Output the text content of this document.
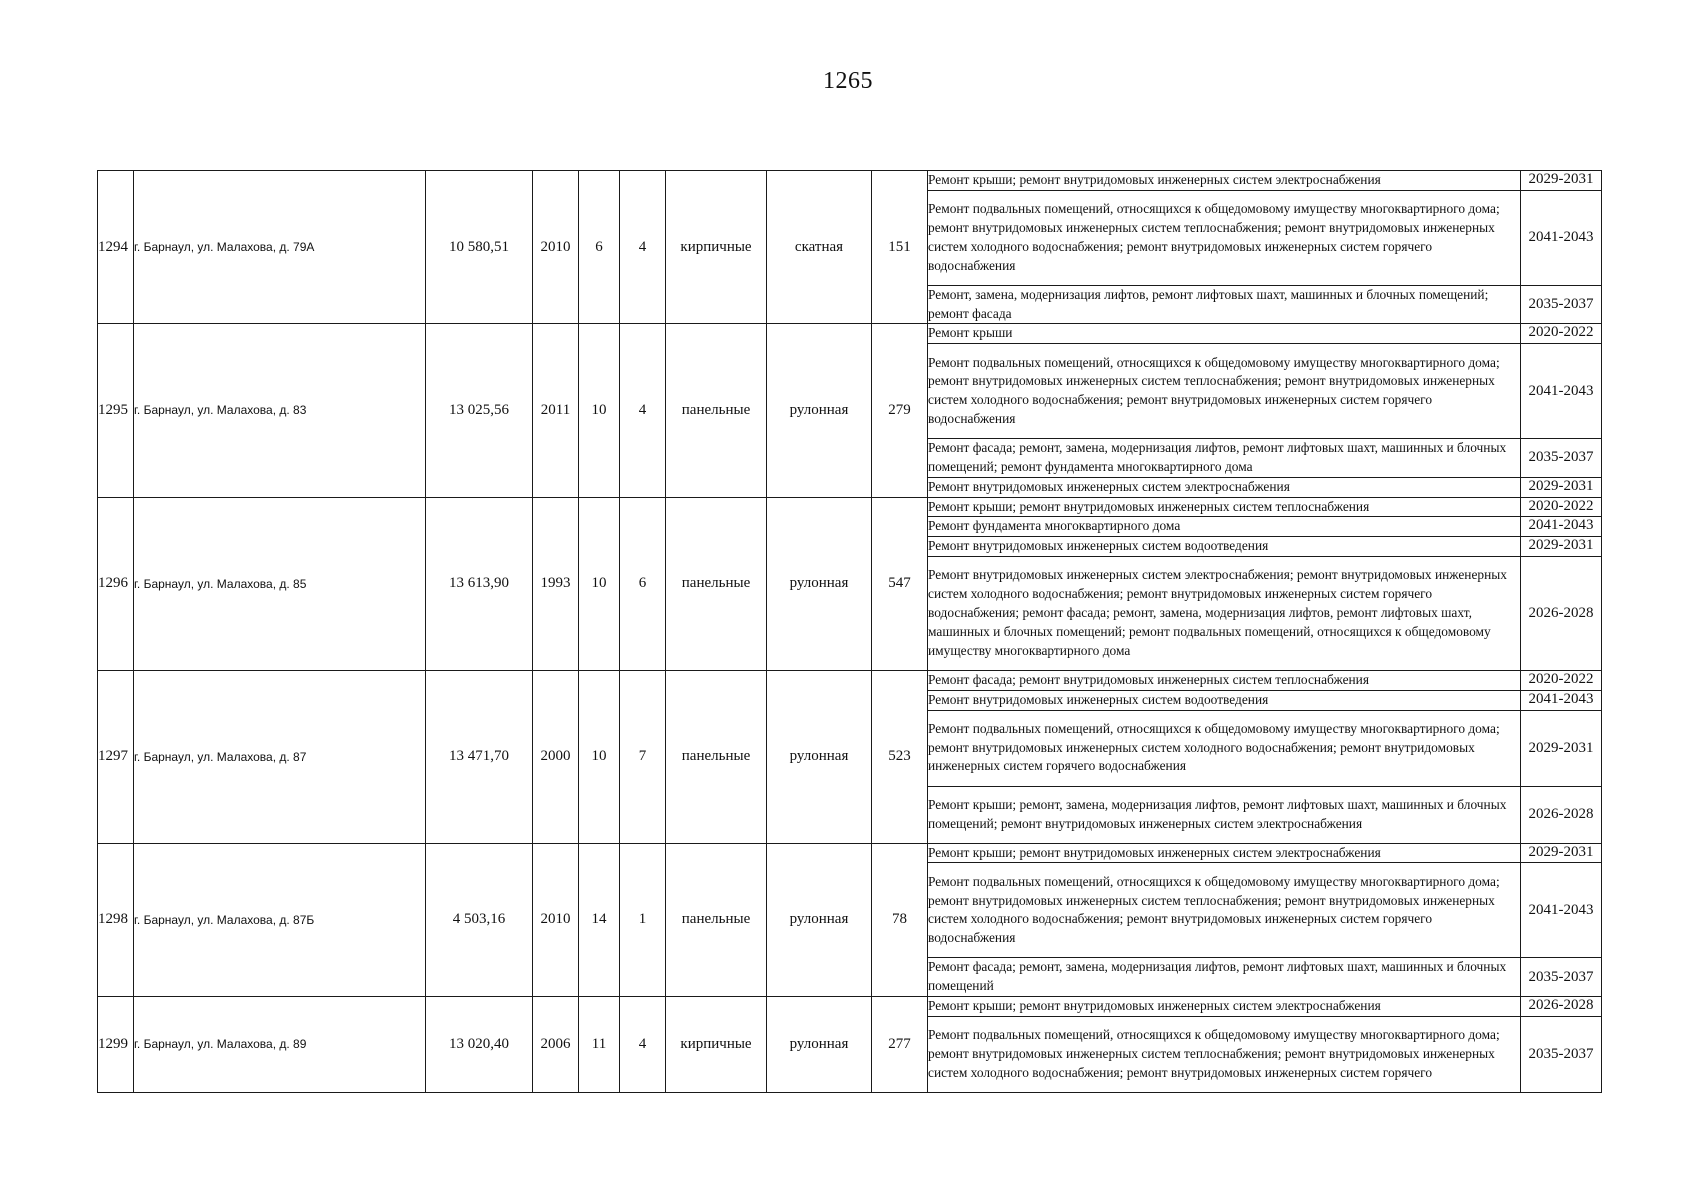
1265
1294	г. Барнаул, ул. Малахова, д. 79А	10 580,51	2010	6	4	кирпичные	скатная	151	Ремонт крыши; ремонт внутридомовых инженерных систем электроснабжения	2029-2031
									Ремонт подвальных помещений, относящихся к общедомовому имуществу многоквартирного дома; ремонт внутридомовых инженерных систем теплоснабжения; ремонт внутридомовых инженерных систем холодного водоснабжения; ремонт внутридомовых инженерных систем горячего водоснабжения	2041-2043
									Ремонт, замена, модернизация лифтов, ремонт лифтовых шахт, машинных и блочных помещений; ремонт фасада	2035-2037
1295	г. Барнаул, ул. Малахова, д. 83	13 025,56	2011	10	4	панельные	рулонная	279	Ремонт крыши	2020-2022
									Ремонт подвальных помещений, относящихся к общедомовому имуществу многоквартирного дома; ремонт внутридомовых инженерных систем теплоснабжения; ремонт внутридомовых инженерных систем холодного водоснабжения; ремонт внутридомовых инженерных систем горячего водоснабжения	2041-2043
									Ремонт фасада; ремонт, замена, модернизация лифтов, ремонт лифтовых шахт, машинных и блочных помещений; ремонт фундамента многоквартирного дома	2035-2037
									Ремонт внутридомовых инженерных систем электроснабжения	2029-2031
1296	г. Барнаул, ул. Малахова, д. 85	13 613,90	1993	10	6	панельные	рулонная	547	Ремонт крыши; ремонт внутридомовых инженерных систем теплоснабжения	2020-2022
									Ремонт фундамента многоквартирного дома	2041-2043
									Ремонт внутридомовых инженерных систем водоотведения	2029-2031
									Ремонт внутридомовых инженерных систем электроснабжения; ремонт внутридомовых инженерных систем холодного водоснабжения; ремонт внутридомовых инженерных систем горячего водоснабжения; ремонт фасада; ремонт, замена, модернизация лифтов, ремонт лифтовых шахт, машинных и блочных помещений; ремонт подвальных помещений, относящихся к общедомовому имуществу многоквартирного дома	2026-2028
1297	г. Барнаул, ул. Малахова, д. 87	13 471,70	2000	10	7	панельные	рулонная	523	Ремонт фасада; ремонт внутридомовых инженерных систем теплоснабжения	2020-2022
									Ремонт внутридомовых инженерных систем водоотведения	2041-2043
									Ремонт подвальных помещений, относящихся к общедомовому имуществу многоквартирного дома; ремонт внутридомовых инженерных систем холодного водоснабжения; ремонт внутридомовых инженерных систем горячего водоснабжения	2029-2031
									Ремонт крыши; ремонт, замена, модернизация лифтов, ремонт лифтовых шахт, машинных и блочных помещений; ремонт внутридомовых инженерных систем электроснабжения	2026-2028
1298	г. Барнаул, ул. Малахова, д. 87Б	4 503,16	2010	14	1	панельные	рулонная	78	Ремонт крыши; ремонт внутридомовых инженерных систем электроснабжения	2029-2031
									Ремонт подвальных помещений, относящихся к общедомовому имуществу многоквартирного дома; ремонт внутридомовых инженерных систем теплоснабжения; ремонт внутридомовых инженерных систем холодного водоснабжения; ремонт внутридомовых инженерных систем горячего водоснабжения	2041-2043
									Ремонт фасада; ремонт, замена, модернизация лифтов, ремонт лифтовых шахт, машинных и блочных помещений	2035-2037
1299	г. Барнаул, ул. Малахова, д. 89	13 020,40	2006	11	4	кирпичные	рулонная	277	Ремонт крыши; ремонт внутридомовых инженерных систем электроснабжения	2026-2028
									Ремонт подвальных помещений, относящихся к общедомовому имуществу многоквартирного дома; ремонт внутридомовых инженерных систем теплоснабжения; ремонт внутридомовых инженерных систем холодного водоснабжения; ремонт внутридомовых инженерных систем горячего	2035-2037
